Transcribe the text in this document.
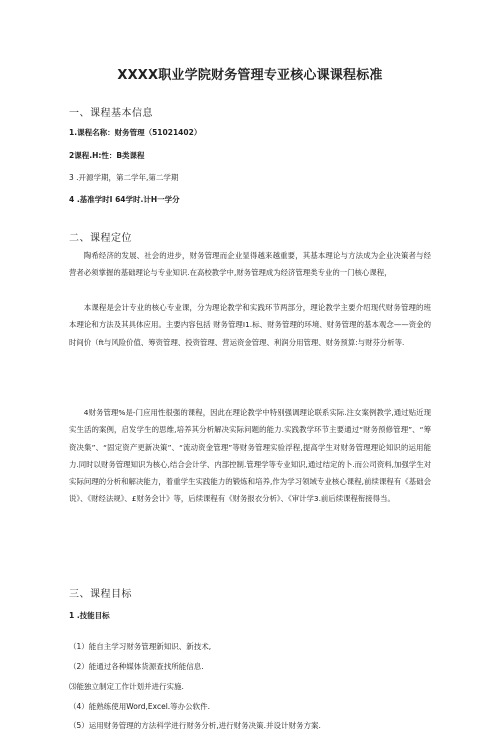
XXXX职业学院财务管理专亚核心课课程标准
一、课程基本信息
1.课程名称：财务管理（51021402）
2课程.H:性：B类课程
3 .开源学期，第二学年,第二学期
4 .基准学时I 64学时.计H一学分
二、课程定位

陶希经济的发展、社会的进步，财务管理而企业显得越来越重要，其基本理论与方法成为企业决策者与经营者必须掌握的基础理论与专业知识.在高校教学中,财务管理成为经济管理类专业的一门核心课程，

本课程是会计专业的核心专业课，分为理论教学和实践环节两部分，理论教学主要介绍现代财务管理的班本理论和方法及其具体应用。主要内容包括 财务管理I1.标、财务管理的环境、财务管理的基本观念——资金的时间价（ft与风险价值、筹资管理、投资管理、营运资金管理、利润分用管理、财务预算:与财芬分析等.

4财务管理%是-门应用性很强的课程，因此在理论教学中特别强调理论联系实际.注女案例教学,通过贴近现实生活的案例，启发学生的思维,培养其分析解决实际问题的能力.实践教学环节主要通过“财务预修管理”、“筹资决集”、“固定资产更新决策”、“流动资金管理”等财务管理实验浮程,提高学生对财务管理理论知识的运用能力.同时以财务管理知识为核心,结合会计学、内部控制.管理学等专业知识,通过结定的卜.而公司资料,加强学生对实际问理的分析和解决能力，着重学生实践能力的锻炼和培养,作为学习领域专业核心课程,前续课程有《基础会说》、《财经法规》、£财务会计》等，后续课程有《财务报衣分析》、《审计学3.前后续课程衔接得当。

三、课程目标
1 .技能目标
（1）能自主学习财务管理新知识、新技术,
（2）能通过各种媒体货源查找所能信息.
⑶能独立制定工作计划并进行实施.
（4）能熟练使用Word,Excel.等办公软件.
（5）运用财务管理的方法科学进行财务分析,进行财务决策.并设计财务方案.
